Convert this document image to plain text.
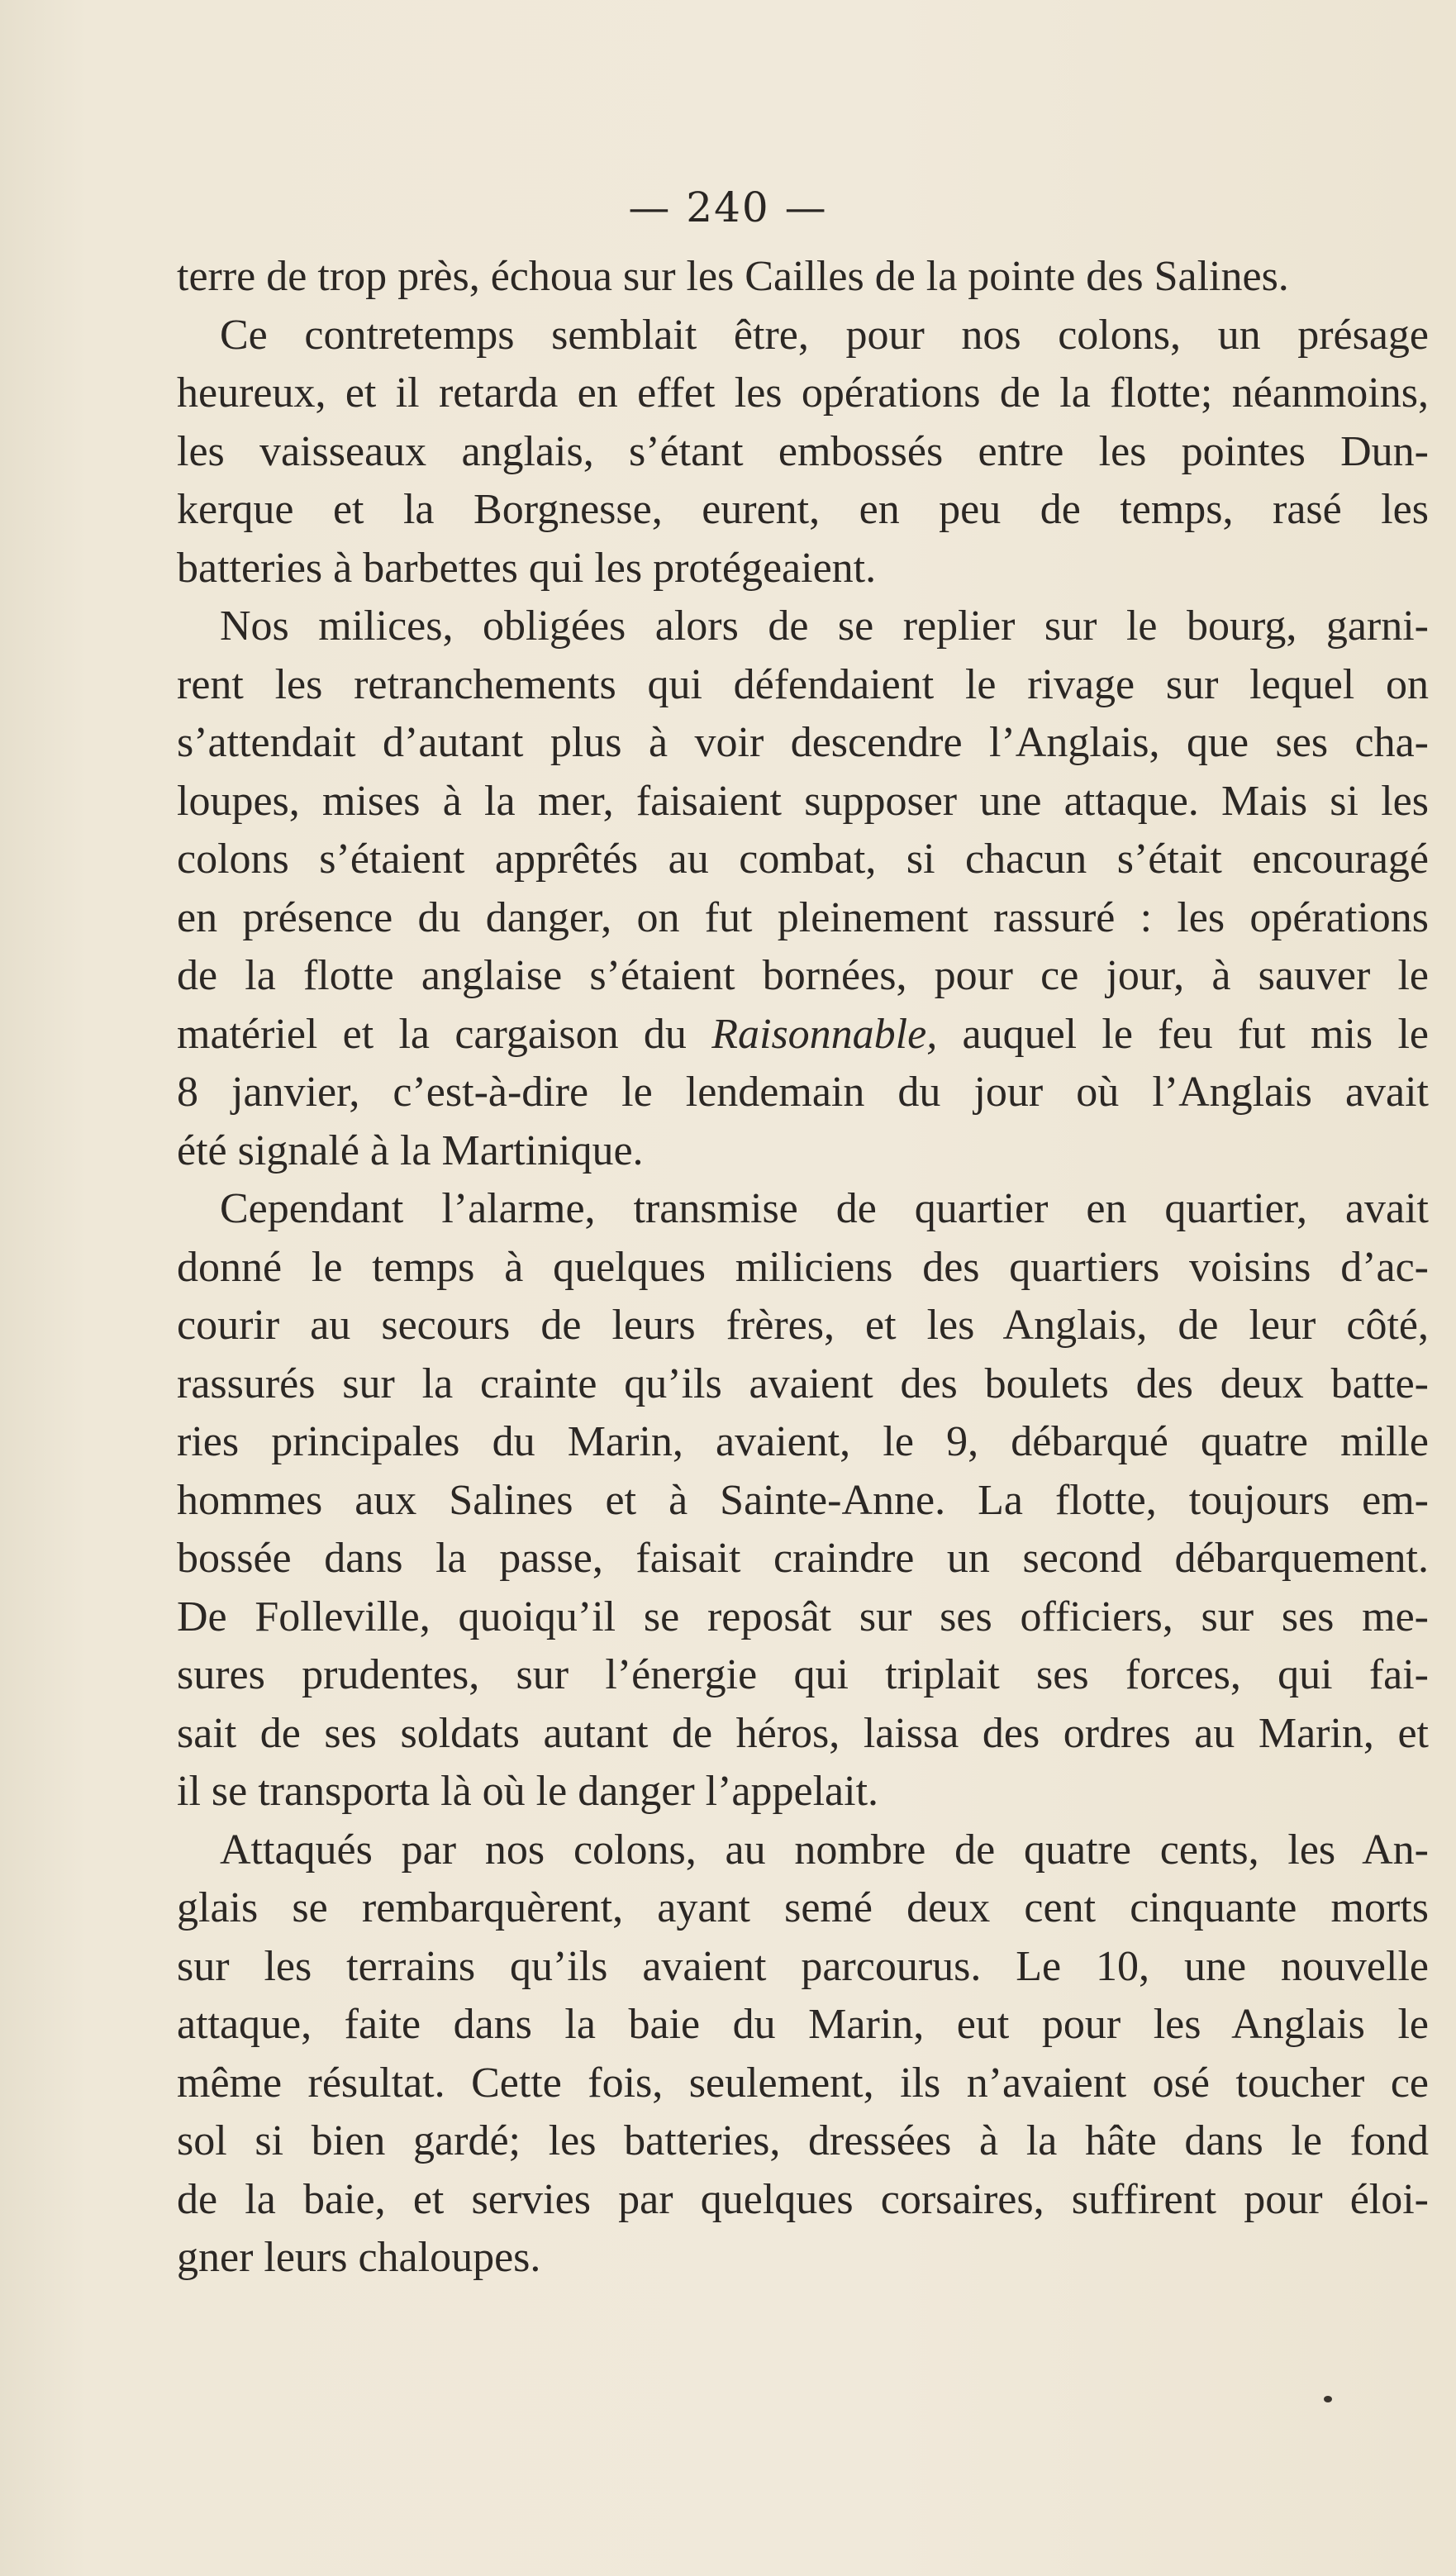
— 240 —
terre de trop près, échoua sur les Cailles de la pointe des Salines.
Ce contretemps semblait être, pour nos colons, un présage
heureux, et il retarda en effet les opérations de la flotte; néanmoins,
les vaisseaux anglais, s’étant embossés entre les pointes Dun-
kerque et la Borgnesse, eurent, en peu de temps, rasé les
batteries à barbettes qui les protégeaient.
Nos milices, obligées alors de se replier sur le bourg, garni-
rent les retranchements qui défendaient le rivage sur lequel on
s’attendait d’autant plus à voir descendre l’Anglais, que ses cha-
loupes, mises à la mer, faisaient supposer une attaque. Mais si les
colons s’étaient apprêtés au combat, si chacun s’était encouragé
en présence du danger, on fut pleinement rassuré : les opérations
de la flotte anglaise s’étaient bornées, pour ce jour, à sauver le
matériel et la cargaison du Raisonnable, auquel le feu fut mis le
8 janvier, c’est-à-dire le lendemain du jour où l’Anglais avait
été signalé à la Martinique.
Cependant l’alarme, transmise de quartier en quartier, avait
donné le temps à quelques miliciens des quartiers voisins d’ac-
courir au secours de leurs frères, et les Anglais, de leur côté,
rassurés sur la crainte qu’ils avaient des boulets des deux batte-
ries principales du Marin, avaient, le 9, débarqué quatre mille
hommes aux Salines et à Sainte-Anne. La flotte, toujours em-
bossée dans la passe, faisait craindre un second débarquement.
De Folleville, quoiqu’il se reposât sur ses officiers, sur ses me-
sures prudentes, sur l’énergie qui triplait ses forces, qui fai-
sait de ses soldats autant de héros, laissa des ordres au Marin, et
il se transporta là où le danger l’appelait.
Attaqués par nos colons, au nombre de quatre cents, les An-
glais se rembarquèrent, ayant semé deux cent cinquante morts
sur les terrains qu’ils avaient parcourus. Le 10, une nouvelle
attaque, faite dans la baie du Marin, eut pour les Anglais le
même résultat. Cette fois, seulement, ils n’avaient osé toucher ce
sol si bien gardé; les batteries, dressées à la hâte dans le fond
de la baie, et servies par quelques corsaires, suffirent pour éloi-
gner leurs chaloupes.
